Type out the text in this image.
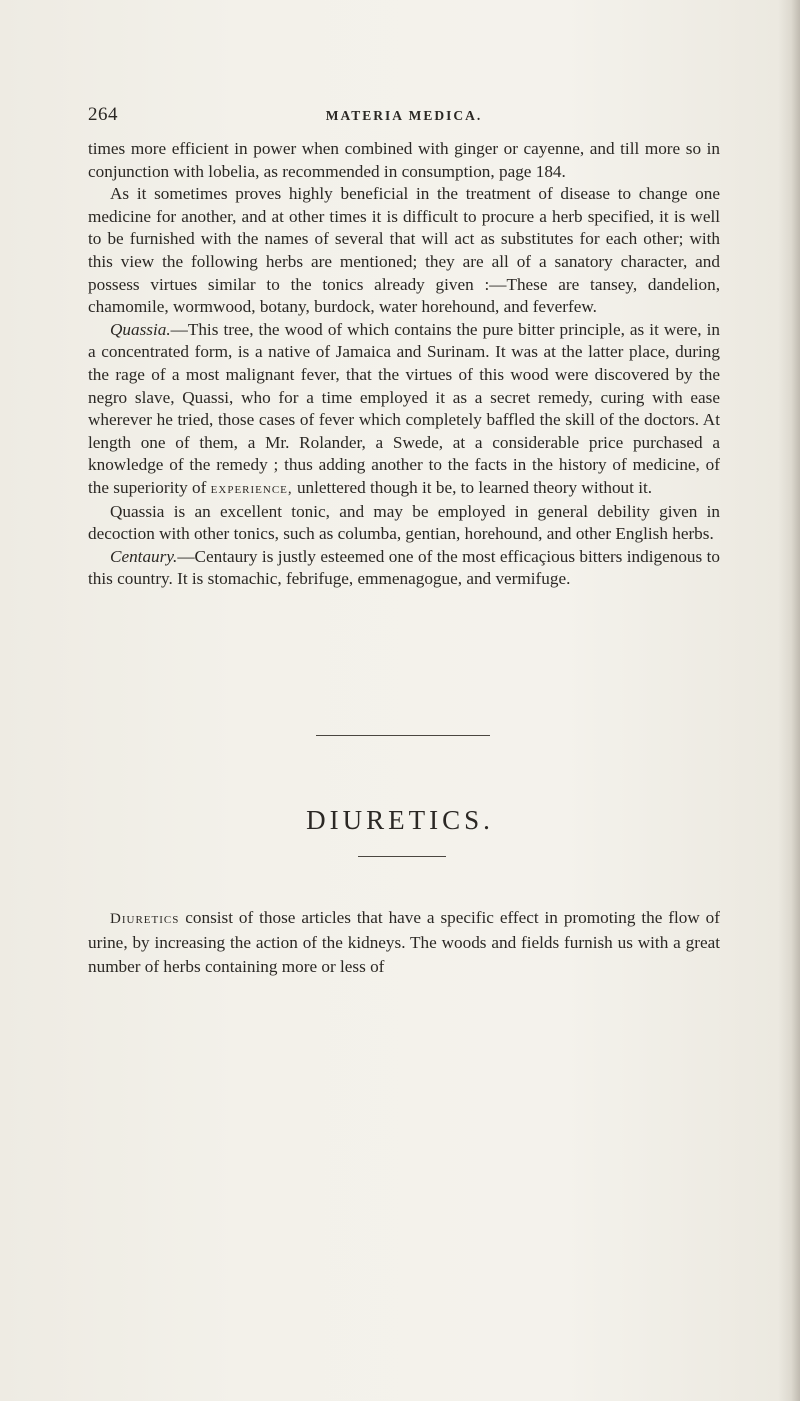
264	MATERIA MEDICA.

times more efficient in power when combined with ginger or cayenne, and till more so in conjunction with lobelia, as recommended in consumption, page 184.

As it sometimes proves highly beneficial in the treatment of disease to change one medicine for another, and at other times it is difficult to procure a herb specified, it is well to be furnished with the names of several that will act as substitutes for each other; with this view the following herbs are mentioned; they are all of a sanatory character, and possess virtues similar to the tonics already given :—These are tansey, dandelion, chamomile, wormwood, botany, burdock, water horehound, and feverfew.

Quassia.—This tree, the wood of which contains the pure bitter principle, as it were, in a concentrated form, is a native of Jamaica and Surinam. It was at the latter place, during the rage of a most malignant fever, that the virtues of this wood were discovered by the negro slave, Quassi, who for a time employed it as a secret remedy, curing with ease wherever he tried, those cases of fever which completely baffled the skill of the doctors. At length one of them, a Mr. Rolander, a Swede, at a considerable price purchased a knowledge of the remedy ; thus adding another to the facts in the history of medicine, of the superiority of experience, unlettered though it be, to learned theory without it.

Quassia is an excellent tonic, and may be employed in general debility given in decoction with other tonics, such as columba, gentian, horehound, and other English herbs.

Centaury.—Centaury is justly esteemed one of the most efficaçious bitters indigenous to this country. It is stomachic, febrifuge, emmenagogue, and vermifuge.

DIURETICS.

Diuretics consist of those articles that have a specific effect in promoting the flow of urine, by increasing the action of the kidneys. The woods and fields furnish us with a great number of herbs containing more or less of
